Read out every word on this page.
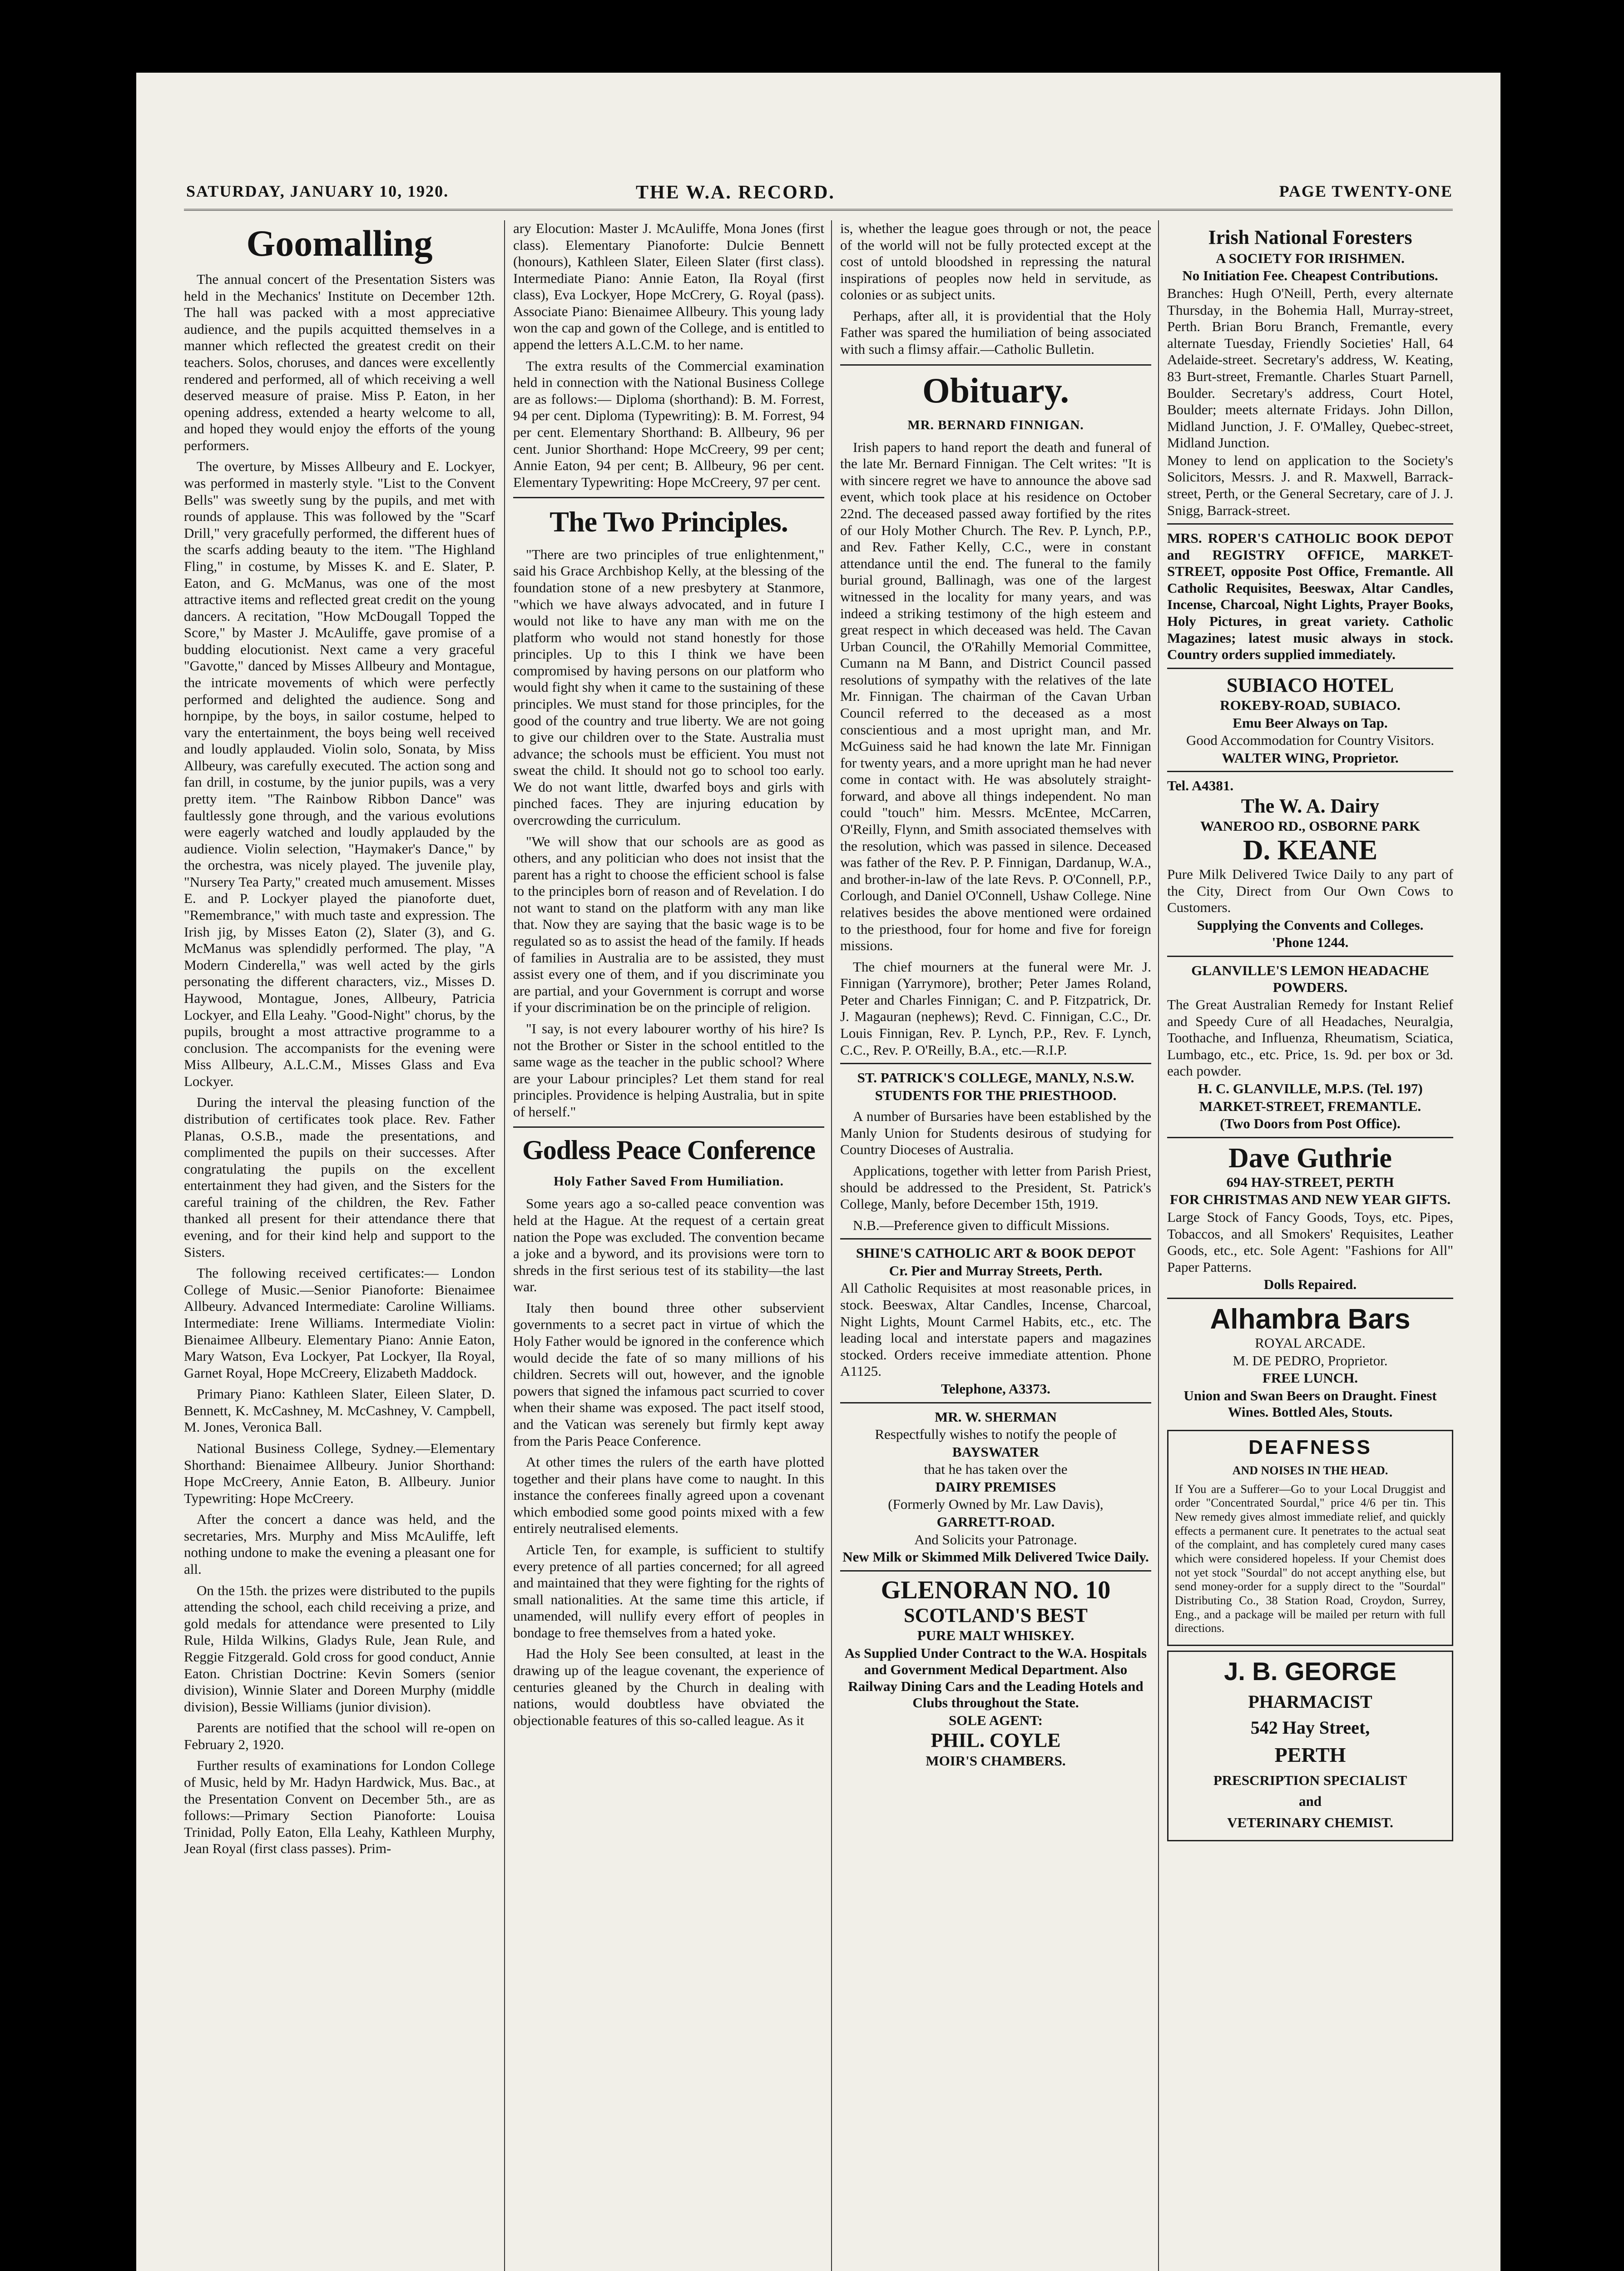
SATURDAY, JANUARY 10, 1920.	THE W.A. RECORD.	PAGE TWENTY-ONE
Goomalling

The annual concert of the Presentation Sisters was held in the Mechanics' Institute on December 12th. The hall was packed with a most appreciative audience, and the pupils acquitted themselves in a manner which reflected the greatest credit on their teachers. Solos, choruses, and dances were excellently rendered and performed, all of which receiving a well deserved measure of praise. Miss P. Eaton, in her opening address, extended a hearty welcome to all, and hoped they would enjoy the efforts of the young performers.

The overture, by Misses Allbeury and E. Lockyer, was performed in masterly style. "List to the Convent Bells" was sweetly sung by the pupils, and met with rounds of applause. This was followed by the "Scarf Drill," very gracefully performed, the different hues of the scarfs adding beauty to the item. "The Highland Fling," in costume, by Misses K. and E. Slater, P. Eaton, and G. McManus, was one of the most attractive items and reflected great credit on the young dancers. A recitation, "How McDougall Topped the Score," by Master J. McAuliffe, gave promise of a budding elocutionist. Next came a very graceful "Gavotte," danced by Misses Allbeury and Montague, the intricate movements of which were perfectly performed and delighted the audience. Song and hornpipe, by the boys, in sailor costume, helped to vary the entertainment, the boys being well received and loudly applauded. Violin solo, Sonata, by Miss Allbeury, was carefully executed. The action song and fan drill, in costume, by the junior pupils, was a very pretty item. "The Rainbow Ribbon Dance" was faultlessly gone through, and the various evolutions were eagerly watched and loudly applauded by the audience. Violin selection, "Haymaker's Dance," by the orchestra, was nicely played. The juvenile play, "Nursery Tea Party," created much amusement. Misses E. and P. Lockyer played the pianoforte duet, "Remembrance," with much taste and expression. The Irish jig, by Misses Eaton (2), Slater (3), and G. McManus was splendidly performed. The play, "A Modern Cinderella," was well acted by the girls personating the different characters, viz., Misses D. Haywood, Montague, Jones, Allbeury, Patricia Lockyer, and Ella Leahy. "Good-Night" chorus, by the pupils, brought a most attractive programme to a conclusion. The accompanists for the evening were Miss Allbeury, A.L.C.M., Misses Glass and Eva Lockyer.

During the interval the pleasing function of the distribution of certificates took place. Rev. Father Planas, O.S.B., made the presentations, and complimented the pupils on their successes. After congratulating the pupils on the excellent entertainment they had given, and the Sisters for the careful training of the children, the Rev. Father thanked all present for their attendance there that evening, and for their kind help and support to the Sisters.

The following received certificates:— London College of Music.—Senior Pianoforte: Bienaimee Allbeury. Advanced Intermediate: Caroline Williams. Intermediate: Irene Williams. Intermediate Violin: Bienaimee Allbeury. Elementary Piano: Annie Eaton, Mary Watson, Eva Lockyer, Pat Lockyer, Ila Royal, Garnet Royal, Hope McCreery, Elizabeth Maddock.

Primary Piano: Kathleen Slater, Eileen Slater, D. Bennett, K. McCashney, M. McCashney, V. Campbell, M. Jones, Veronica Ball.

National Business College, Sydney.—Elementary Shorthand: Bienaimee Allbeury. Junior Shorthand: Hope McCreery, Annie Eaton, B. Allbeury. Junior Typewriting: Hope McCreery.

After the concert a dance was held, and the secretaries, Mrs. Murphy and Miss McAuliffe, left nothing undone to make the evening a pleasant one for all.

On the 15th. the prizes were distributed to the pupils attending the school, each child receiving a prize, and gold medals for attendance were presented to Lily Rule, Hilda Wilkins, Gladys Rule, Jean Rule, and Reggie Fitzgerald. Gold cross for good conduct, Annie Eaton. Christian Doctrine: Kevin Somers (senior division), Winnie Slater and Doreen Murphy (middle division), Bessie Williams (junior division).

Parents are notified that the school will re-open on February 2, 1920.

Further results of examinations for London College of Music, held by Mr. Hadyn Hardwick, Mus. Bac., at the Presentation Convent on December 5th., are as follows:—Primary Section Pianoforte: Louisa Trinidad, Polly Eaton, Ella Leahy, Kathleen Murphy, Jean Royal (first class passes). Prim-

ary Elocution: Master J. McAuliffe, Mona Jones (first class). Elementary Pianoforte: Dulcie Bennett (honours), Kathleen Slater, Eileen Slater (first class). Intermediate Piano: Annie Eaton, Ila Royal (first class), Eva Lockyer, Hope McCrery, G. Royal (pass). Associate Piano: Bienaimee Allbeury. This young lady won the cap and gown of the College, and is entitled to append the letters A.L.C.M. to her name.

The extra results of the Commercial examination held in connection with the National Business College are as follows:— Diploma (shorthand): B. M. Forrest, 94 per cent. Diploma (Typewriting): B. M. Forrest, 94 per cent. Elementary Shorthand: B. Allbeury, 96 per cent. Junior Shorthand: Hope McCreery, 99 per cent; Annie Eaton, 94 per cent; B. Allbeury, 96 per cent. Elementary Typewriting: Hope McCreery, 97 per cent.

The Two Principles.

"There are two principles of true enlightenment," said his Grace Archbishop Kelly, at the blessing of the foundation stone of a new presbytery at Stanmore, "which we have always advocated, and in future I would not like to have any man with me on the platform who would not stand honestly for those principles. Up to this I think we have been compromised by having persons on our platform who would fight shy when it came to the sustaining of these principles. We must stand for those principles, for the good of the country and true liberty. We are not going to give our children over to the State. Australia must advance; the schools must be efficient. You must not sweat the child. It should not go to school too early. We do not want little, dwarfed boys and girls with pinched faces. They are injuring education by overcrowding the curriculum.

"We will show that our schools are as good as others, and any politician who does not insist that the parent has a right to choose the efficient school is false to the principles born of reason and of Revelation. I do not want to stand on the platform with any man like that. Now they are saying that the basic wage is to be regulated so as to assist the head of the family. If heads of families in Australia are to be assisted, they must assist every one of them, and if you discriminate you are partial, and your Government is corrupt and worse if your discrimination be on the principle of religion.

"I say, is not every labourer worthy of his hire? Is not the Brother or Sister in the school entitled to the same wage as the teacher in the public school? Where are your Labour principles? Let them stand for real principles. Providence is helping Australia, but in spite of herself."

Godless Peace Conference
Holy Father Saved From Humiliation.

Some years ago a so-called peace convention was held at the Hague. At the request of a certain great nation the Pope was excluded. The convention became a joke and a byword, and its provisions were torn to shreds in the first serious test of its stability—the last war.

Italy then bound three other subservient governments to a secret pact in virtue of which the Holy Father would be ignored in the conference which would decide the fate of so many millions of his children. Secrets will out, however, and the ignoble powers that signed the infamous pact scurried to cover when their shame was exposed. The pact itself stood, and the Vatican was serenely but firmly kept away from the Paris Peace Conference.

At other times the rulers of the earth have plotted together and their plans have come to naught. In this instance the conferees finally agreed upon a covenant which embodied some good points mixed with a few entirely neutralised elements.

Article Ten, for example, is sufficient to stultify every pretence of all parties concerned; for all agreed and maintained that they were fighting for the rights of small nationalities. At the same time this article, if unamended, will nullify every effort of peoples in bondage to free themselves from a hated yoke.

Had the Holy See been consulted, at least in the drawing up of the league covenant, the experience of centuries gleaned by the Church in dealing with nations, would doubtless have obviated the objectionable features of this so-called league. As it

is, whether the league goes through or not, the peace of the world will not be fully protected except at the cost of untold bloodshed in repressing the natural inspirations of peoples now held in servitude, as colonies or as subject units.

Perhaps, after all, it is providential that the Holy Father was spared the humiliation of being associated with such a flimsy affair.—Catholic Bulletin.

Obituary.
MR. BERNARD FINNIGAN.

Irish papers to hand report the death and funeral of the late Mr. Bernard Finnigan. The Celt writes: "It is with sincere regret we have to announce the above sad event, which took place at his residence on October 22nd. The deceased passed away fortified by the rites of our Holy Mother Church. The Rev. P. Lynch, P.P., and Rev. Father Kelly, C.C., were in constant attendance until the end. The funeral to the family burial ground, Ballinagh, was one of the largest witnessed in the locality for many years, and was indeed a striking testimony of the high esteem and great respect in which deceased was held. The Cavan Urban Council, the O'Rahilly Memorial Committee, Cumann na M Bann, and District Council passed resolutions of sympathy with the relatives of the late Mr. Finnigan. The chairman of the Cavan Urban Council referred to the deceased as a most conscientious and a most upright man, and Mr. McGuiness said he had known the late Mr. Finnigan for twenty years, and a more upright man he had never come in contact with. He was absolutely straight-forward, and above all things independent. No man could "touch" him. Messrs. McEntee, McCarren, O'Reilly, Flynn, and Smith associated themselves with the resolution, which was passed in silence. Deceased was father of the Rev. P. P. Finnigan, Dardanup, W.A., and brother-in-law of the late Revs. P. O'Connell, P.P., Corlough, and Daniel O'Connell, Ushaw College. Nine relatives besides the above mentioned were ordained to the priesthood, four for home and five for foreign missions.

The chief mourners at the funeral were Mr. J. Finnigan (Yarrymore), brother; Peter James Roland, Peter and Charles Finnigan; C. and P. Fitzpatrick, Dr. J. Magauran (nephews); Revd. C. Finnigan, C.C., Dr. Louis Finnigan, Rev. P. Lynch, P.P., Rev. F. Lynch, C.C., Rev. P. O'Reilly, B.A., etc.—R.I.P.

ST. PATRICK'S COLLEGE, MANLY, N.S.W.

STUDENTS FOR THE PRIESTHOOD.

A number of Bursaries have been established by the Manly Union for Students desirous of studying for Country Dioceses of Australia.

Applications, together with letter from Parish Priest, should be addressed to the President, St. Patrick's College, Manly, before December 15th, 1919.

N.B.—Preference given to difficult Missions.

SHINE'S CATHOLIC ART & BOOK DEPOT

Cr. Pier and Murray Streets, Perth.

All Catholic Requisites at most reasonable prices, in stock. Beeswax, Altar Candles, Incense, Charcoal, Night Lights, Mount Carmel Habits, etc., etc. The leading local and interstate papers and magazines stocked. Orders receive immediate attention. Phone A1125.

Telephone, A3373.

MR. W. SHERMAN

Respectfully wishes to notify the people of

BAYSWATER

that he has taken over the

DAIRY PREMISES

(Formerly Owned by Mr. Law Davis),

GARRETT-ROAD.

And Solicits your Patronage.

New Milk or Skimmed Milk Delivered Twice Daily.

GLENORAN NO. 10

SCOTLAND'S BEST

PURE MALT WHISKEY.

As Supplied Under Contract to the W.A. Hospitals and Government Medical Department. Also Railway Dining Cars and the Leading Hotels and Clubs throughout the State.

SOLE AGENT:

PHIL. COYLE

MOIR'S CHAMBERS.

Irish National Foresters

A SOCIETY FOR IRISHMEN.

No Initiation Fee. Cheapest Contributions.

Branches: Hugh O'Neill, Perth, every alternate Thursday, in the Bohemia Hall, Murray-street, Perth. Brian Boru Branch, Fremantle, every alternate Tuesday, Friendly Societies' Hall, 64 Adelaide-street. Secretary's address, W. Keating, 83 Burt-street, Fremantle. Charles Stuart Parnell, Boulder. Secretary's address, Court Hotel, Boulder; meets alternate Fridays. John Dillon, Midland Junction, J. F. O'Malley, Quebec-street, Midland Junction.

Money to lend on application to the Society's Solicitors, Messrs. J. and R. Maxwell, Barrack-street, Perth, or the General Secretary, care of J. J. Snigg, Barrack-street.

MRS. ROPER'S CATHOLIC BOOK DEPOT and REGISTRY OFFICE, MARKET-STREET, opposite Post Office, Fremantle. All Catholic Requisites, Beeswax, Altar Candles, Incense, Charcoal, Night Lights, Prayer Books, Holy Pictures, in great variety. Catholic Magazines; latest music always in stock. Country orders supplied immediately.

SUBIACO HOTEL

ROKEBY-ROAD, SUBIACO.

Emu Beer Always on Tap.

Good Accommodation for Country Visitors.

WALTER WING, Proprietor.

Tel. A4381.

The W. A. Dairy

WANEROO RD., OSBORNE PARK

D. KEANE

Pure Milk Delivered Twice Daily to any part of the City, Direct from Our Own Cows to Customers.

Supplying the Convents and Colleges.

'Phone 1244.

GLANVILLE'S LEMON HEADACHE POWDERS.

The Great Australian Remedy for Instant Relief and Speedy Cure of all Headaches, Neuralgia, Toothache, and Influenza, Rheumatism, Sciatica, Lumbago, etc., etc. Price, 1s. 9d. per box or 3d. each powder.

H. C. GLANVILLE, M.P.S. (Tel. 197)

MARKET-STREET, FREMANTLE.

(Two Doors from Post Office).

Dave Guthrie

694 HAY-STREET, PERTH

FOR CHRISTMAS AND NEW YEAR GIFTS.

Large Stock of Fancy Goods, Toys, etc. Pipes, Tobaccos, and all Smokers' Requisites, Leather Goods, etc., etc. Sole Agent: "Fashions for All" Paper Patterns.

Dolls Repaired.

Alhambra Bars

ROYAL ARCADE.

M. DE PEDRO, Proprietor.

FREE LUNCH.

Union and Swan Beers on Draught. Finest Wines. Bottled Ales, Stouts.

DEAFNESS

AND NOISES IN THE HEAD.

If You are a Sufferer—Go to your Local Druggist and order "Concentrated Sourdal," price 4/6 per tin. This New remedy gives almost immediate relief, and quickly effects a permanent cure. It penetrates to the actual seat of the complaint, and has completely cured many cases which were considered hopeless. If your Chemist does not yet stock "Sourdal" do not accept anything else, but send money-order for a supply direct to the "Sourdal" Distributing Co., 38 Station Road, Croydon, Surrey, Eng., and a package will be mailed per return with full directions.

J. B. GEORGE

PHARMACIST

542 Hay Street,

PERTH

PRESCRIPTION SPECIALIST

and

VETERINARY CHEMIST.
